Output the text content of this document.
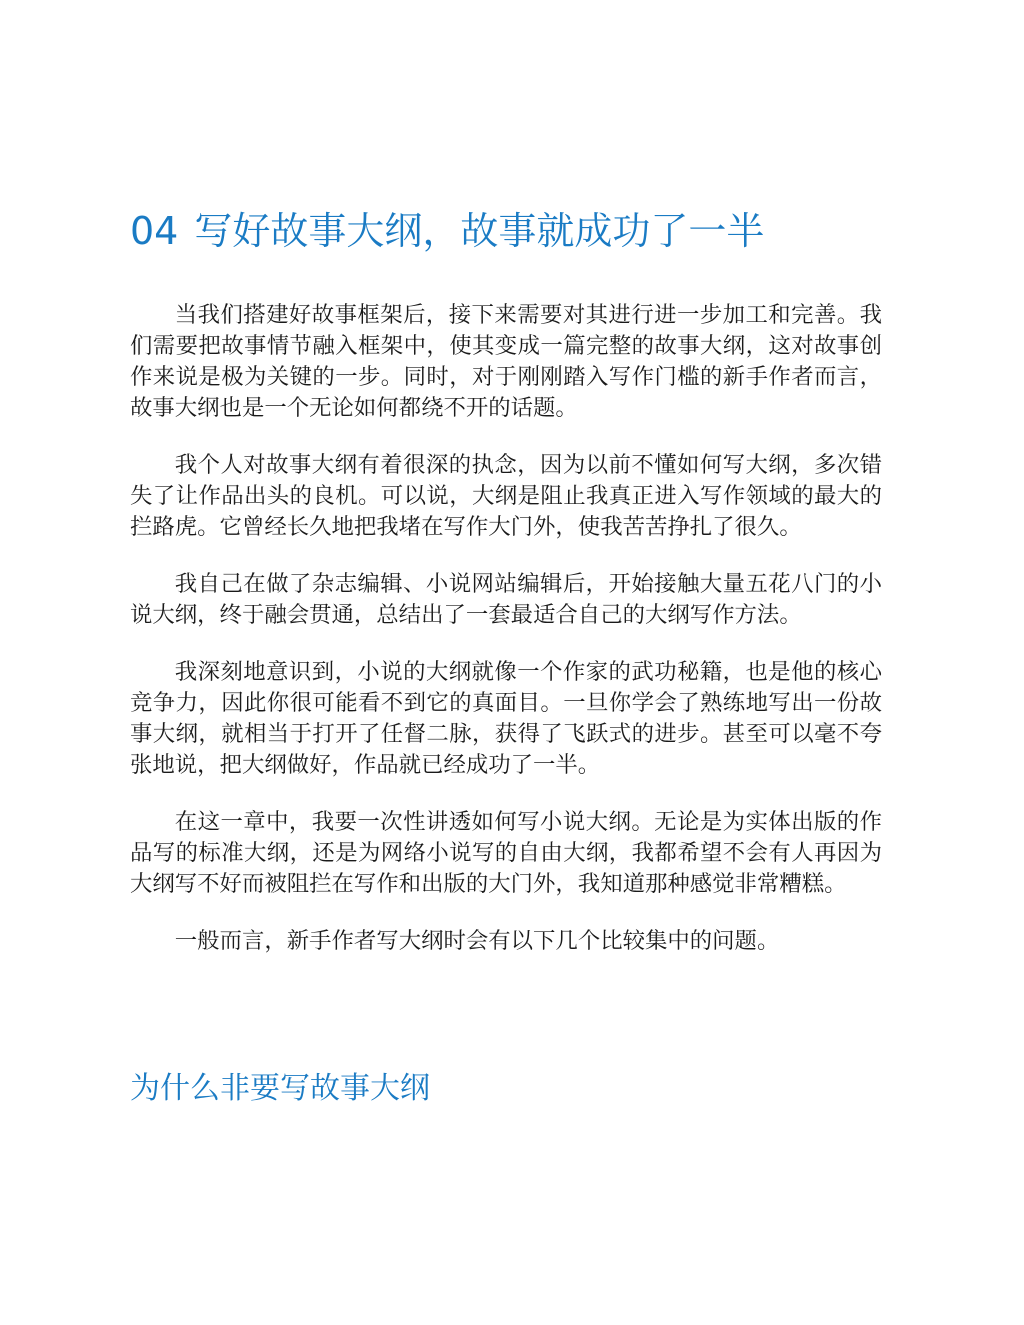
04 写好故事大纲，故事就成功了一半

当我们搭建好故事框架后，接下来需要对其进行进一步加工和完善。我们需要把故事情节融入框架中，使其变成一篇完整的故事大纲，这对故事创作来说是极为关键的一步。同时，对于刚刚踏入写作门槛的新手作者而言，故事大纲也是一个无论如何都绕不开的话题。

我个人对故事大纲有着很深的执念，因为以前不懂如何写大纲，多次错失了让作品出头的良机。可以说，大纲是阻止我真正进入写作领域的最大的拦路虎。它曾经长久地把我堵在写作大门外，使我苦苦挣扎了很久。

我自己在做了杂志编辑、小说网站编辑后，开始接触大量五花八门的小说大纲，终于融会贯通，总结出了一套最适合自己的大纲写作方法。

我深刻地意识到，小说的大纲就像一个作家的武功秘籍，也是他的核心竞争力，因此你很可能看不到它的真面目。一旦你学会了熟练地写出一份故事大纲，就相当于打开了任督二脉，获得了飞跃式的进步。甚至可以毫不夸张地说，把大纲做好，作品就已经成功了一半。

在这一章中，我要一次性讲透如何写小说大纲。无论是为实体出版的作品写的标准大纲，还是为网络小说写的自由大纲，我都希望不会有人再因为大纲写不好而被阻拦在写作和出版的大门外，我知道那种感觉非常糟糕。

一般而言，新手作者写大纲时会有以下几个比较集中的问题。

为什么非要写故事大纲
